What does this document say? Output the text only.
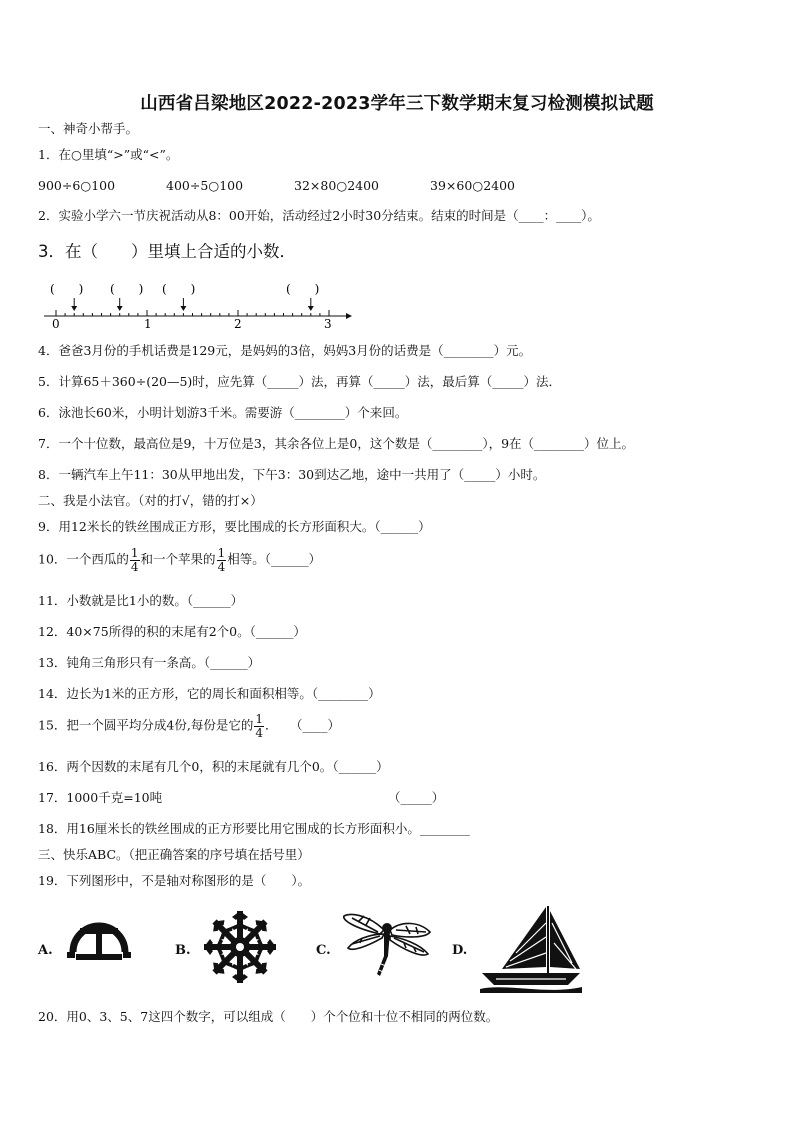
山西省吕梁地区2022-2023学年三下数学期末复习检测模拟试题
一、神奇小帮手。
1．在○里填“>”或“<”。
900÷6○100	400÷5○100	32×80○2400	39×60○2400
2．实验小学六一节庆祝活动从8：00开始，活动经过2小时30分结束。结束的时间是（____：____）。
3．在（　　）里填上合适的小数．
(　　) (　　) (　　)	(　　)
0	1	2	3
4．爸爸3月份的手机话费是129元，是妈妈的3倍，妈妈3月份的话费是（________）元。
5．计算65＋360÷(20—5)时，应先算（_____）法，再算（_____）法，最后算（_____）法．
6．泳池长60米，小明计划游3千米。需要游（________）个来回。
7．一个十位数，最高位是9，十万位是3，其余各位上是0，这个数是（________），9在（________）位上。
8．一辆汽车上午11：30从甲地出发，下午3：30到达乙地，途中一共用了（_____）小时。
二、我是小法官。（对的打√，错的打×）
9．用12米长的铁丝围成正方形，要比围成的长方形面积大。（______）
10．一个西瓜的 $\frac{1}{4}$ 和一个苹果的 $\frac{1}{4}$ 相等。（______）
11．小数就是比1小的数。（______）
12．40×75所得的积的末尾有2个0。（______）
13．钝角三角形只有一条高。（______）
14．边长为1米的正方形，它的周长和面积相等。（________）
15．把一个圆平均分成4份,每份是它的 $\frac{1}{4}$ ．　　（____）
16．两个因数的末尾有几个0，积的末尾就有几个0。（______）
17．1000千克=10吨	（_____）
18．用16厘米长的铁丝围成的正方形要比用它围成的长方形面积小。________
三、快乐ABC。（把正确答案的序号填在括号里）
19．下列图形中，不是轴对称图形的是（　　）。
A.	B.	C.	D.
20．用0、3、5、7这四个数字，可以组成（　　）个个位和十位不相同的两位数。
